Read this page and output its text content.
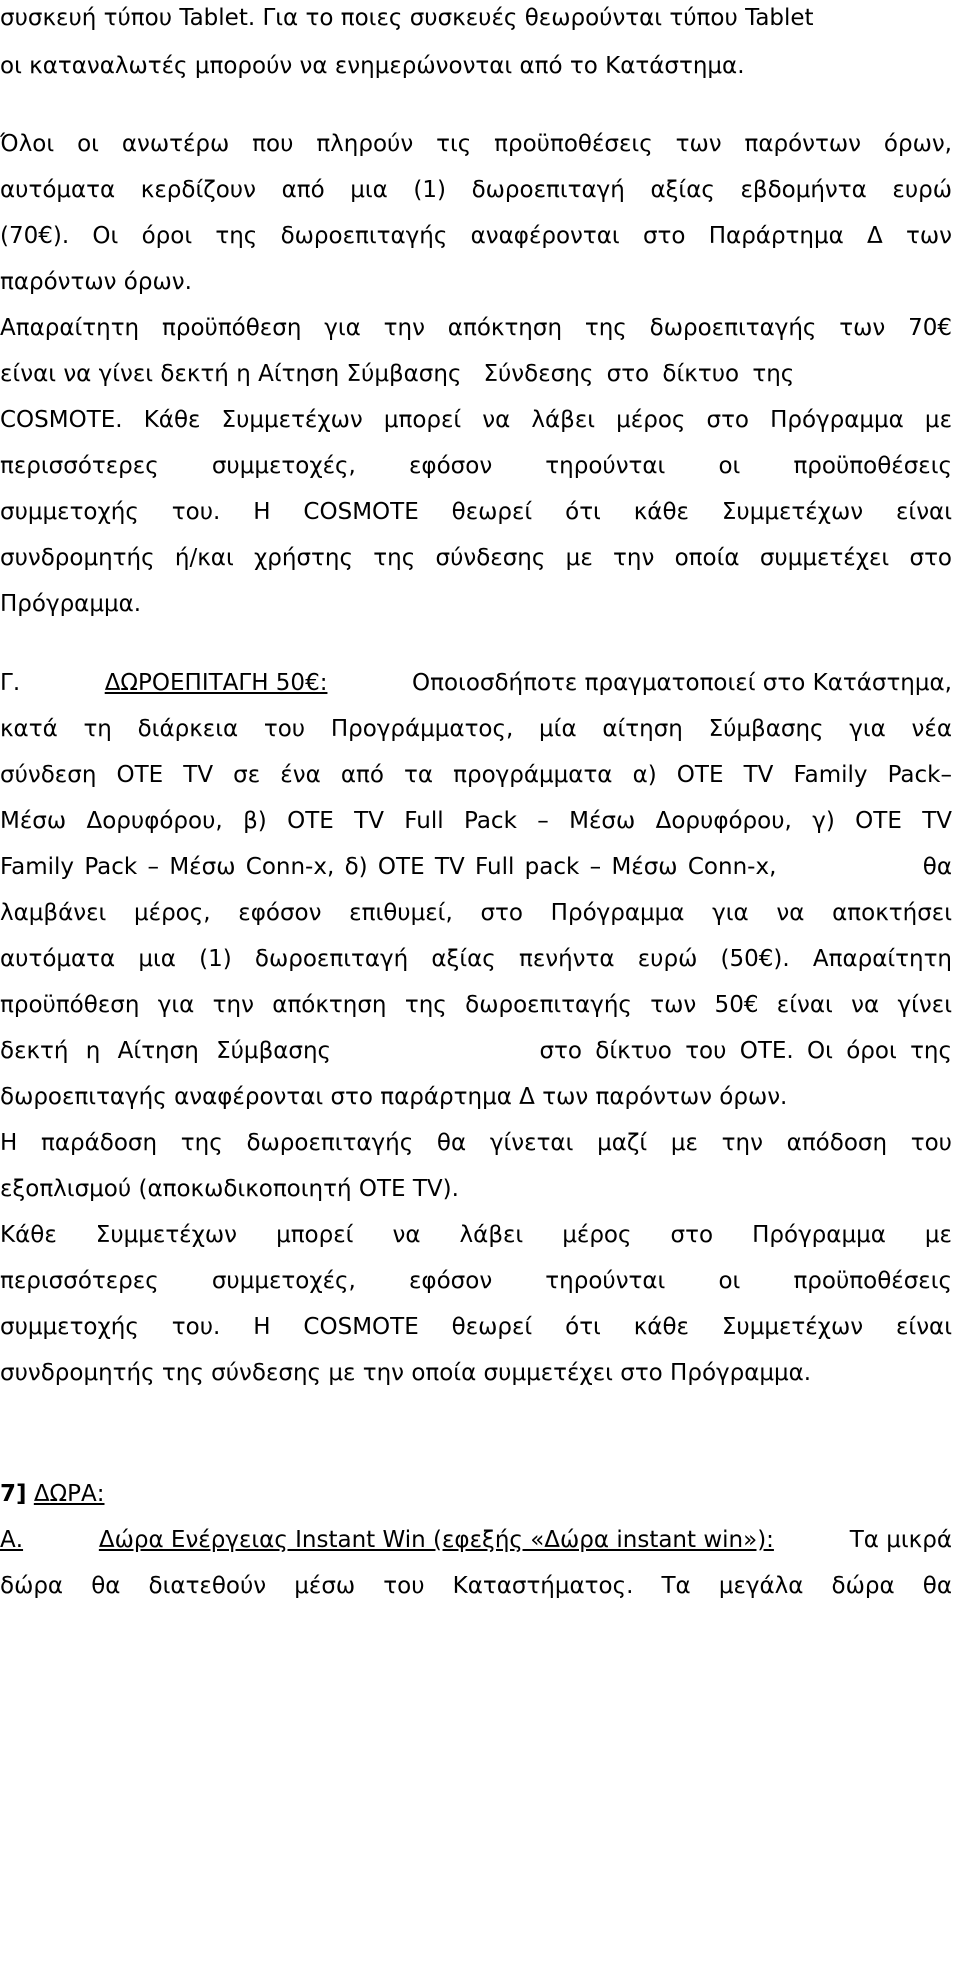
συσκευή τύπου Tablet. Για το ποιες συσκευές θεωρούνται τύπου Tablet
οι καταναλωτές μπορούν να ενημερώνονται από το Κατάστημα.
Όλοι οι ανωτέρω που πληρούν τις προϋποθέσεις των παρόντων όρων,
αυτόματα κερδίζουν από μια (1) δωροεπιταγή αξίας εβδομήντα ευρώ
(70€). Οι όροι της δωροεπιταγής αναφέρονται στο Παράρτημα Δ των
παρόντων όρων.
Απαραίτητη προϋπόθεση για την απόκτηση της δωροεπιταγής των 70€
είναι να γίνει δεκτή η Αίτηση Σύμβασης Σύνδεσης στο δίκτυο της
COSMOTE. Κάθε Συμμετέχων μπορεί να λάβει μέρος στο Πρόγραμμα με
περισσότερες συμμετοχές, εφόσον τηρούνται οι προϋποθέσεις
συμμετοχής του. Η COSMOTE θεωρεί ότι κάθε Συμμετέχων είναι
συνδρομητής ή/και χρήστης της σύνδεσης με την οποία συμμετέχει στο
Πρόγραμμα.
Γ.	ΔΩΡΟΕΠΙΤΑΓΗ 50€:	Οποιοσδήποτε πραγματοποιεί στο Κατάστημα,
κατά τη διάρκεια του Προγράμματος, μία αίτηση Σύμβασης για νέα
σύνδεση OTE TV σε ένα από τα προγράμματα α) OTE TV Family Pack–
Μέσω Δορυφόρου, β) OTE TV Full Pack – Μέσω Δορυφόρου, γ) OTE TV
Family Pack – Μέσω Conn-x, δ) OTE TV Full pack – Μέσω Conn-x,	θα
λαμβάνει μέρος, εφόσον επιθυμεί, στο Πρόγραμμα για να αποκτήσει
αυτόματα μια (1) δωροεπιταγή αξίας πενήντα ευρώ (50€). Απαραίτητη
προϋπόθεση για την απόκτηση της δωροεπιταγής των 50€ είναι να γίνει
δεκτή η Αίτηση Σύμβασης	στο δίκτυο του ΟΤΕ. Οι όροι της
δωροεπιταγής αναφέρονται στο παράρτημα Δ των παρόντων όρων.
Η παράδοση της δωροεπιταγής θα γίνεται μαζί με την απόδοση του
εξοπλισμού (αποκωδικοποιητή OTE TV).
Κάθε Συμμετέχων μπορεί να λάβει μέρος στο Πρόγραμμα με
περισσότερες συμμετοχές, εφόσον τηρούνται οι προϋποθέσεις
συμμετοχής του. Η COSMOTE θεωρεί ότι κάθε Συμμετέχων είναι
συνδρομητής της σύνδεσης με την οποία συμμετέχει στο Πρόγραμμα.
7] ΔΩΡΑ:
Α.	Δώρα Ενέργειας Instant Win (εφεξής «Δώρα instant win»):	Τα μικρά
δώρα θα διατεθούν μέσω του Καταστήματος. Τα μεγάλα δώρα θα
